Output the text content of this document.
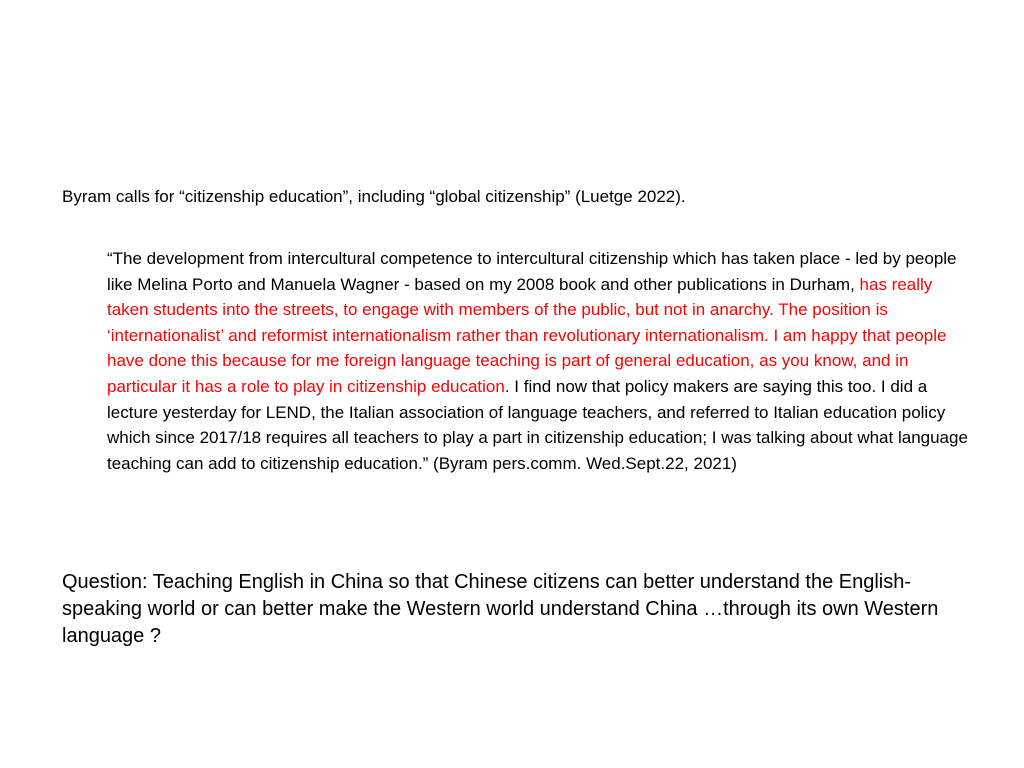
Byram calls for “citizenship education”, including “global citizenship” (Luetge 2022).

“The development from intercultural competence to intercultural citizenship which has taken place - led by people like Melina Porto and Manuela Wagner - based on my 2008 book and other publications in Durham, has really taken students into the streets, to engage with members of the public, but not in anarchy. The position is ‘internationalist’ and reformist internationalism rather than revolutionary internationalism. I am happy that people have done this because for me foreign language teaching is part of general education, as you know, and in particular it has a role to play in citizenship education. I find now that policy makers are saying this too. I did a lecture yesterday for LEND, the Italian association of language teachers, and referred to Italian education policy which since 2017/18 requires all teachers to play a part in citizenship education; I was talking about what language teaching can add to citizenship education.” (Byram pers.comm. Wed.Sept.22, 2021)

Question: Teaching English in China so that Chinese citizens can better understand the English-speaking world or can better make the Western world understand China …through its own Western language ?
